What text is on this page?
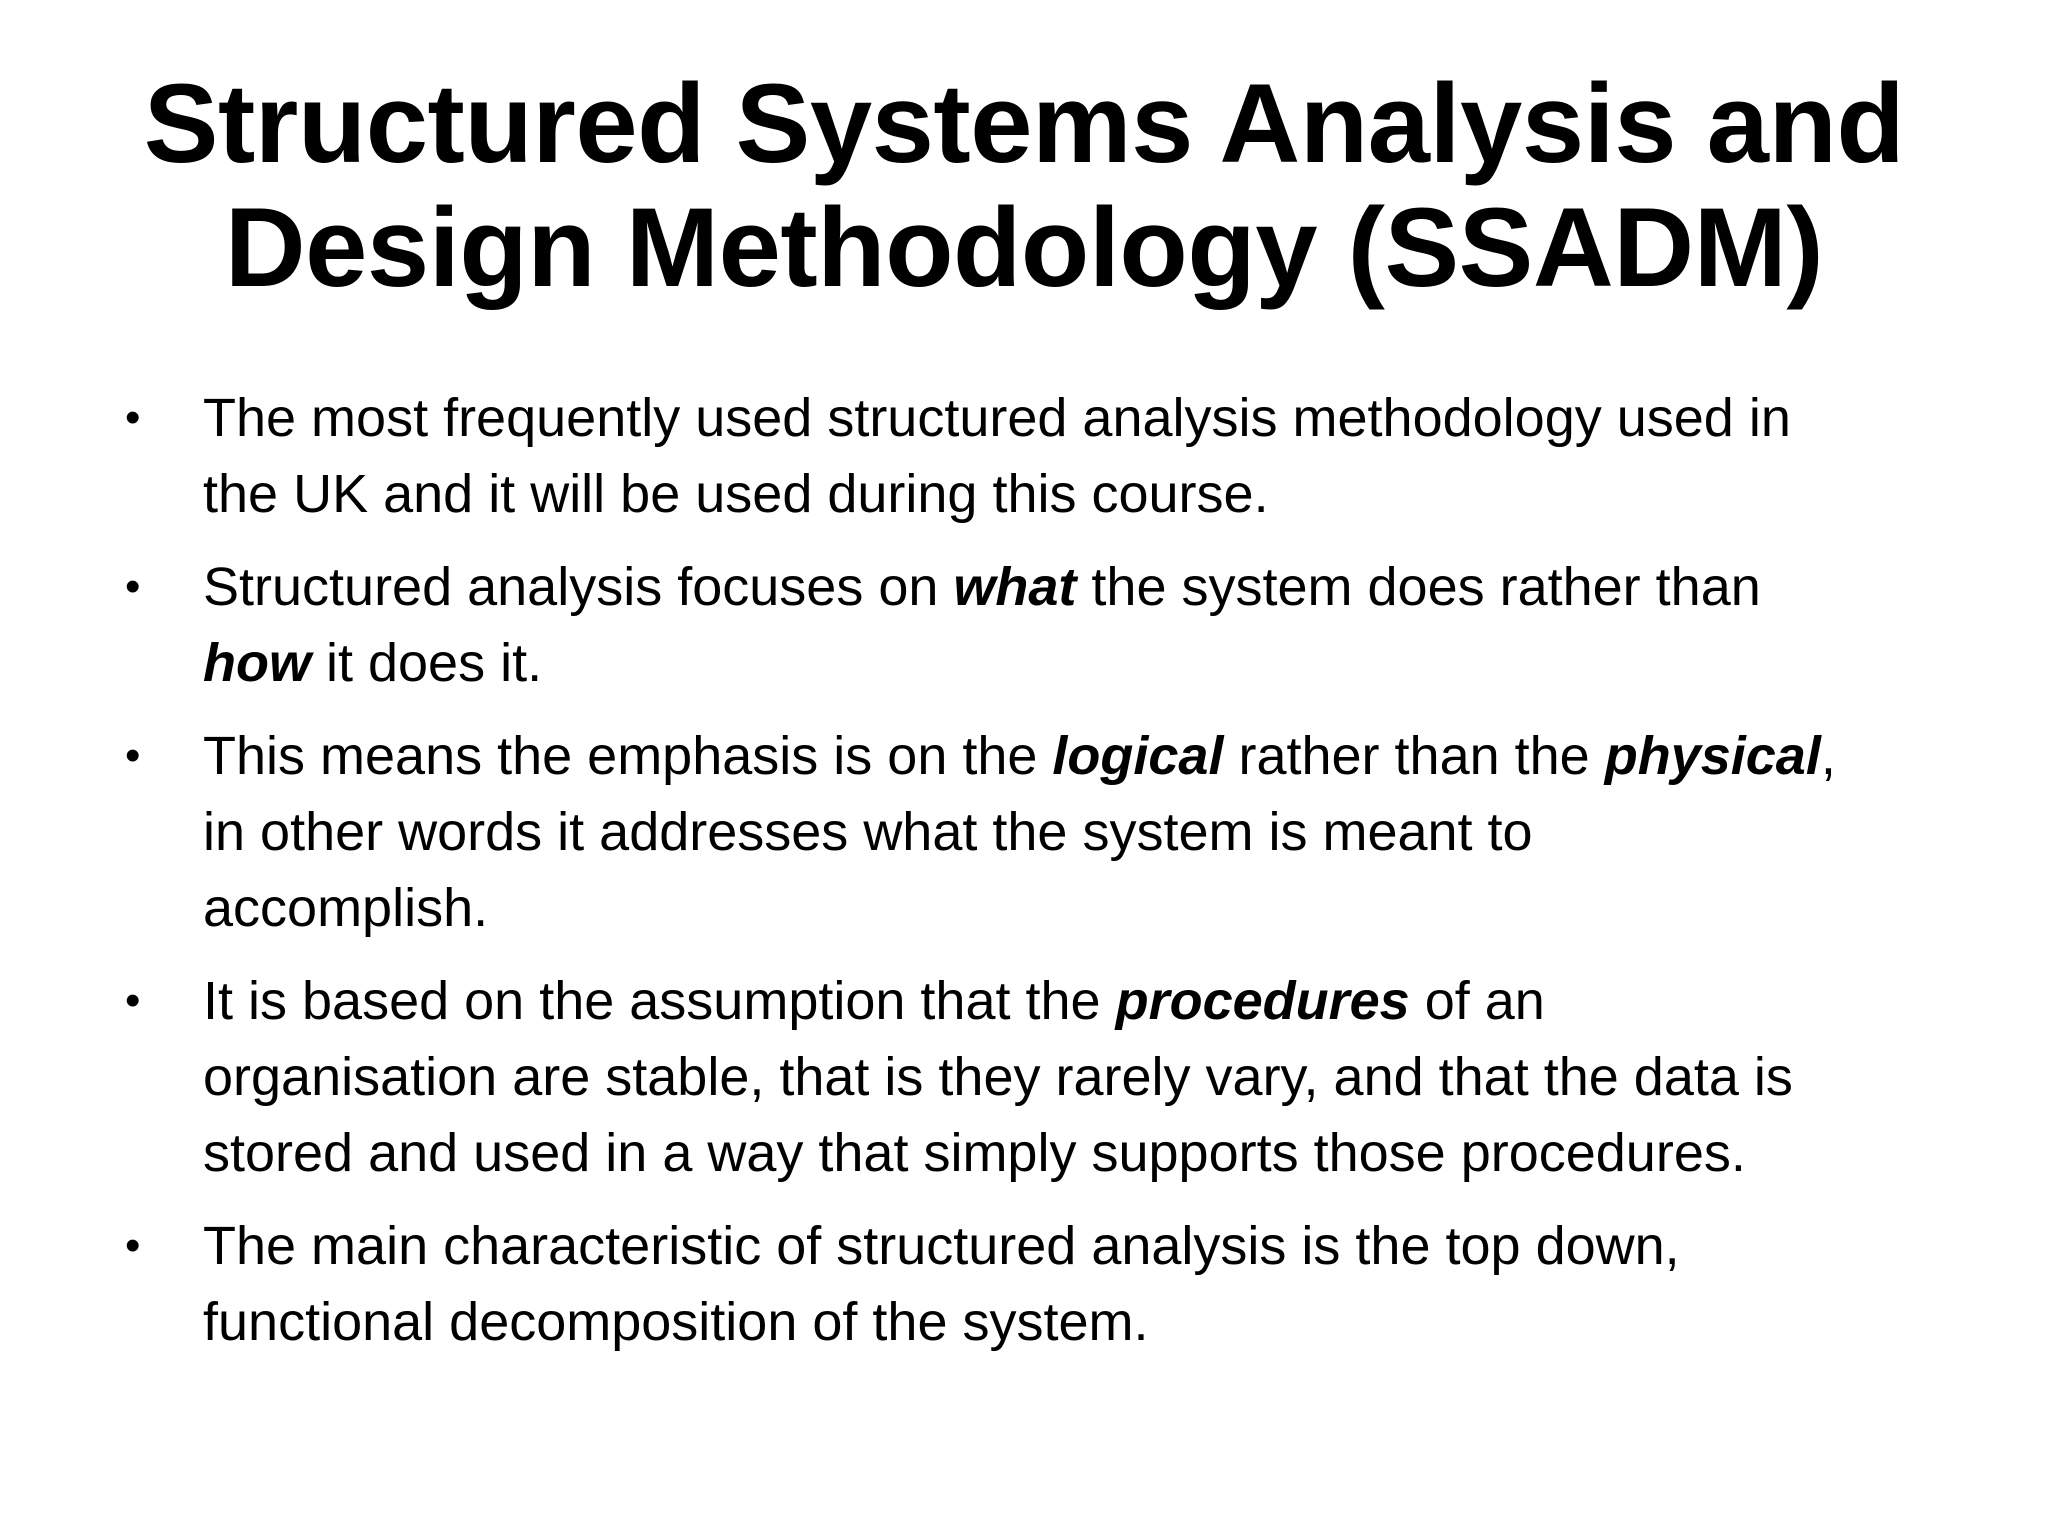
Structured Systems Analysis and
Design Methodology (SSADM)
•	The most frequently used structured analysis methodology used in
the UK and it will be used during this course.
•	Structured analysis focuses on what the system does rather than
how it does it.
•	This means the emphasis is on the logical rather than the physical,
in other words it addresses what the system is meant to
accomplish.
•	It is based on the assumption that the procedures of an
organisation are stable, that is they rarely vary, and that the data is
stored and used in a way that simply supports those procedures.
•	The main characteristic of structured analysis is the top down,
functional decomposition of the system.
